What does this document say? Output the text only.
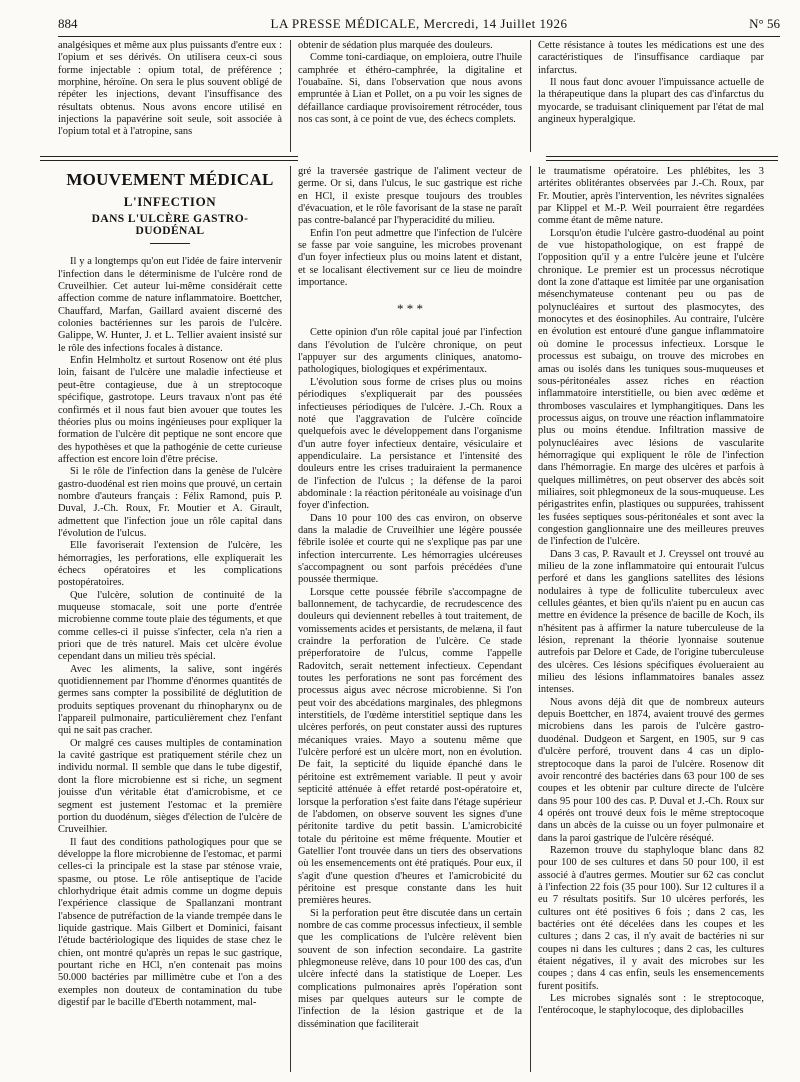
884	LA PRESSE MÉDICALE, Mercredi, 14 Juillet 1926	N° 56

analgésiques et même aux plus puissants d'entre eux : l'opium et ses dérivés. On utilisera ceux-ci sous forme injectable : opium total, de préférence ; morphine, héroïne. On sera le plus souvent obligé de répéter les injections, devant l'insuffisance des résultats obtenus. Nous avons encore utilisé en injections la papavérine soit seule, soit associée à l'opium total et à l'atropine, sans

obtenir de sédation plus marquée des douleurs.

Comme toni-cardiaque, on emploiera, outre l'huile camphrée et éthéro-camphrée, la digitaline et l'ouabaïne. Si, dans l'observation que nous avons empruntée à Lian et Pollet, on a pu voir les signes de défaillance cardiaque provisoirement rétrocéder, tous nos cas sont, à ce point de vue, des échecs complets.

Cette résistance à toutes les médications est une des caractéristiques de l'insuffisance cardiaque par infarctus.

Il nous faut donc avouer l'impuissance actuelle de la thérapeutique dans la plupart des cas d'infarctus du myocarde, se traduisant cliniquement par l'état de mal angineux hyperalgique.

MOUVEMENT MÉDICAL
L'INFECTION
DANS L'ULCÈRE GASTRO-DUODÉNAL

Il y a longtemps qu'on eut l'idée de faire intervenir l'infection dans le déterminisme de l'ulcère rond de Cruveilhier. Cet auteur lui-même considérait cette affection comme de nature inflammatoire. Boettcher, Chauffard, Marfan, Gaillard avaient discerné des colonies bactériennes sur les parois de l'ulcère. Galippe, W. Hunter, J. et L. Tellier avaient insisté sur le rôle des infections focales à distance.

Enfin Helmholtz et surtout Rosenow ont été plus loin, faisant de l'ulcère une maladie infectieuse et peut-être contagieuse, due à un streptocoque spécifique, gastrotope. Leurs travaux n'ont pas été confirmés et il nous faut bien avouer que toutes les théories plus ou moins ingénieuses pour expliquer la formation de l'ulcère dit peptique ne sont encore que des hypothèses et que la pathogénie de cette curieuse affection est encore loin d'être précise.

Si le rôle de l'infection dans la genèse de l'ulcère gastro-duodénal est rien moins que prouvé, un certain nombre d'auteurs français : Félix Ramond, puis P. Duval, J.-Ch. Roux, Fr. Moutier et A. Girault, admettent que l'infection joue un rôle capital dans l'évolution de l'ulcus.

Elle favoriserait l'extension de l'ulcère, les hémorragies, les perforations, elle expliquerait les échecs opératoires et les complications postopératoires.

Que l'ulcère, solution de continuité de la muqueuse stomacale, soit une porte d'entrée microbienne comme toute plaie des téguments, et que comme celles-ci il puisse s'infecter, cela n'a rien a priori que de très naturel. Mais cet ulcère évolue cependant dans un milieu très spécial.

Avec les aliments, la salive, sont ingérés quotidiennement par l'homme d'énormes quantités de germes sans compter la possibilité de déglutition de produits septiques provenant du rhinopharynx ou de l'appareil pulmonaire, particulièrement chez l'enfant qui ne sait pas cracher.

Or malgré ces causes multiples de contamination la cavité gastrique est pratiquement stérile chez un individu normal. Il semble que dans le tube digestif, dont la flore microbienne est si riche, un segment jouisse d'un véritable état d'amicrobisme, et ce segment est justement l'estomac et la première portion du duodénum, sièges d'élection de l'ulcère de Cruveilhier.

Il faut des conditions pathologiques pour que se développe la flore microbienne de l'estomac, et parmi celles-ci la principale est la stase par sténose vraie, spasme, ou ptose. Le rôle antiseptique de l'acide chlorhydrique était admis comme un dogme depuis l'expérience classique de Spallanzani montrant l'absence de putréfaction de la viande trempée dans le liquide gastrique. Mais Gilbert et Dominici, faisant l'étude bactériologique des liquides de stase chez le chien, ont montré qu'après un repas le suc gastrique, pourtant riche en HCl, n'en contenait pas moins 50.000 bactéries par millimètre cube et l'on a des exemples non douteux de contamination du tube digestif par le bacille d'Eberth notamment, mal-

gré la traversée gastrique de l'aliment vecteur de germe. Or si, dans l'ulcus, le suc gastrique est riche en HCl, il existe presque toujours des troubles d'évacuation, et le rôle favorisant de la stase ne paraît pas contre-balancé par l'hyperacidité du milieu.

Enfin l'on peut admettre que l'infection de l'ulcère se fasse par voie sanguine, les microbes provenant d'un foyer infectieux plus ou moins latent et distant, et se localisant électivement sur ce lieu de moindre importance.

* * *

Cette opinion d'un rôle capital joué par l'infection dans l'évolution de l'ulcère chronique, on peut l'appuyer sur des arguments cliniques, anatomo-pathologiques, biologiques et expérimentaux.

L'évolution sous forme de crises plus ou moins périodiques s'expliquerait par des poussées infectieuses périodiques de l'ulcère. J.-Ch. Roux a noté que l'aggravation de l'ulcère coïncide quelquefois avec le développement dans l'organisme d'un autre foyer infectieux dentaire, vésiculaire et appendiculaire. La persistance et l'intensité des douleurs entre les crises traduiraient la permanence de l'infection de l'ulcus ; la défense de la paroi abdominale : la réaction péritonéale au voisinage d'un foyer d'infection.

Dans 10 pour 100 des cas environ, on observe dans la maladie de Cruveilhier une légère poussée fébrile isolée et courte qui ne s'explique pas par une infection intercurrente. Les hémorragies ulcéreuses s'accompagnent ou sont parfois précédées d'une poussée thermique.

Lorsque cette poussée fébrile s'accompagne de ballonnement, de tachycardie, de recrudescence des douleurs qui deviennent rebelles à tout traitement, de vomissements acides et persistants, de melæna, il faut craindre la perforation de l'ulcère. Ce stade préperforatoire de l'ulcus, comme l'appelle Radovitch, serait nettement infectieux. Cependant toutes les perforations ne sont pas forcément des processus aigus avec nécrose microbienne. Si l'on peut voir des abcédations marginales, des phlegmons interstitiels, de l'œdème interstitiel septique dans les ulcères perforés, on peut constater aussi des ruptures mécaniques vraies. Mayo a soutenu même que l'ulcère perforé est un ulcère mort, non en évolution. De fait, la septicité du liquide épanché dans le péritoine est extrêmement variable. Il peut y avoir septicité atténuée à effet retardé post-opératoire et, lorsque la perforation s'est faite dans l'étage supérieur de l'abdomen, on observe souvent les signes d'une péritonite tardive du petit bassin. L'amicrobicité totale du péritoine est même fréquente. Moutier et Gatellier l'ont trouvée dans un tiers des observations où les ensemencements ont été pratiqués. Pour eux, il s'agit d'une question d'heures et l'amicrobicité du péritoine est presque constante dans les huit premières heures.

Si la perforation peut être discutée dans un certain nombre de cas comme processus infectieux, il semble que les complications de l'ulcère relèvent bien souvent de son infection secondaire. La gastrite phlegmoneuse relève, dans 10 pour 100 des cas, d'un ulcère infecté dans la statistique de Loeper. Les complications pulmonaires après l'opération sont mises par quelques auteurs sur le compte de l'infection de la lésion gastrique et de la dissémination que faciliterait

le traumatisme opératoire. Les phlébites, les 3 artérites oblitérantes observées par J.-Ch. Roux, par Fr. Moutier, après l'intervention, les névrites signalées par Klippel et M.-P. Weil pourraient être regardées comme étant de même nature.

Lorsqu'on étudie l'ulcère gastro-duodénal au point de vue histopathologique, on est frappé de l'opposition qu'il y a entre l'ulcère jeune et l'ulcère chronique. Le premier est un processus nécrotique dont la zone d'attaque est limitée par une organisation mésenchymateuse contenant peu ou pas de polynucléaires et surtout des plasmocytes, des monocytes et des éosinophiles. Au contraire, l'ulcère en évolution est entouré d'une gangue inflammatoire où domine le processus infectieux. Lorsque le processus est subaigu, on trouve des microbes en amas ou isolés dans les tuniques sous-muqueuses et sous-péritonéales assez riches en réaction inflammatoire interstitielle, ou bien avec œdème et thromboses vasculaires et lymphangitiques. Dans les processus aigus, on trouve une réaction inflammatoire plus ou moins étendue. Infiltration massive de polynucléaires avec lésions de vascularite hémorragique qui expliquent le rôle de l'infection dans l'hémorragie. En marge des ulcères et parfois à quelques millimètres, on peut observer des abcès soit miliaires, soit phlegmoneux de la sous-muqueuse. Les périgastrites enfin, plastiques ou suppurées, trahissent les fusées septiques sous-péritonéales et sont avec la congestion ganglionnaire une des meilleures preuves de l'infection de l'ulcère.

Dans 3 cas, P. Ravault et J. Creyssel ont trouvé au milieu de la zone inflammatoire qui entourait l'ulcus perforé et dans les ganglions satellites des lésions nodulaires à type de folliculite tuberculeux avec cellules géantes, et bien qu'ils n'aient pu en aucun cas mettre en évidence la présence de bacille de Koch, ils n'hésitent pas à affirmer la nature tuberculeuse de la lésion, reprenant la théorie lyonnaise soutenue autrefois par Delore et Cade, de l'origine tuberculeuse des ulcères. Ces lésions spécifiques évolueraient au milieu des lésions inflammatoires banales assez intenses.

Nous avons déjà dit que de nombreux auteurs depuis Boettcher, en 1874, avaient trouvé des germes microbiens dans les parois de l'ulcère gastro-duodénal. Dudgeon et Sargent, en 1905, sur 9 cas d'ulcère perforé, trouvent dans 4 cas un diplo-streptocoque dans la paroi de l'ulcère. Rosenow dit avoir rencontré des bactéries dans 63 pour 100 de ses coupes et les obtenir par culture directe de l'ulcère dans 95 pour 100 des cas. P. Duval et J.-Ch. Roux sur 4 opérés ont trouvé deux fois le même streptocoque dans un abcès de la cuisse ou un foyer pulmonaire et dans la paroi gastrique de l'ulcère réséqué.

Razemon trouve du staphyloque blanc dans 82 pour 100 de ses cultures et dans 50 pour 100, il est associé à d'autres germes. Moutier sur 62 cas conclut à l'infection 22 fois (35 pour 100). Sur 12 cultures il a eu 7 résultats positifs. Sur 10 ulcères perforés, les cultures ont été positives 6 fois ; dans 2 cas, les bactéries ont été décelées dans les coupes et les cultures ; dans 2 cas, il n'y avait de bactéries ni sur coupes ni dans les cultures ; dans 2 cas, les cultures étaient négatives, il y avait des microbes sur les coupes ; dans 4 cas enfin, seuls les ensemencements furent positifs.

Les microbes signalés sont : le streptocoque, l'entérocoque, le staphylocoque, des diplobacilles
